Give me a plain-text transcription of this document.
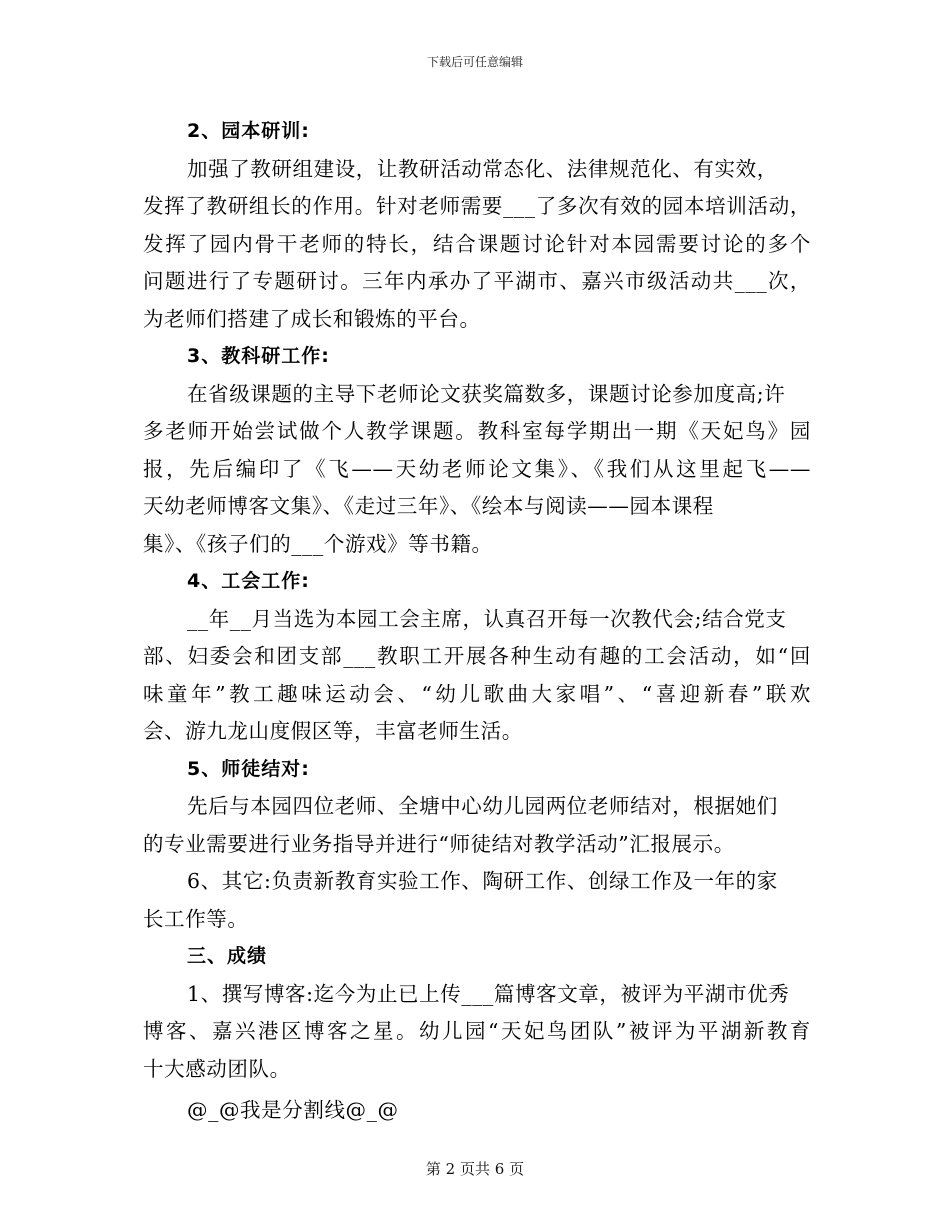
下载后可任意编辑
2、园本研训:
加强了教研组建设，让教研活动常态化、法律规范化、有实效，
发挥了教研组长的作用。针对老师需要___了多次有效的园本培训活动，
发挥了园内骨干老师的特长，结合课题讨论针对本园需要讨论的多个
问题进行了专题研讨。三年内承办了平湖市、嘉兴市级活动共___次，
为老师们搭建了成长和锻炼的平台。
3、教科研工作:
在省级课题的主导下老师论文获奖篇数多，课题讨论参加度高;许
多老师开始尝试做个人教学课题。教科室每学期出一期《天妃鸟》园
报，先后编印了《飞——天幼老师论文集》、《我们从这里起飞——
天幼老师博客文集》、《走过三年》、《绘本与阅读——园本课程
集》、《孩子们的___个游戏》等书籍。
4、工会工作:
__年__月当选为本园工会主席，认真召开每一次教代会;结合党支
部、妇委会和团支部___教职工开展各种生动有趣的工会活动，如“回
味童年”教工趣味运动会、“幼儿歌曲大家唱”、“喜迎新春”联欢
会、游九龙山度假区等，丰富老师生活。
5、师徒结对:
先后与本园四位老师、全塘中心幼儿园两位老师结对，根据她们
的专业需要进行业务指导并进行“师徒结对教学活动”汇报展示。
6、其它:负责新教育实验工作、陶研工作、创绿工作及一年的家
长工作等。
三、成绩
1、撰写博客:迄今为止已上传___篇博客文章，被评为平湖市优秀
博客、嘉兴港区博客之星。幼儿园“天妃鸟团队”被评为平湖新教育
十大感动团队。
@_@我是分割线@_@
第 2 页共 6 页
